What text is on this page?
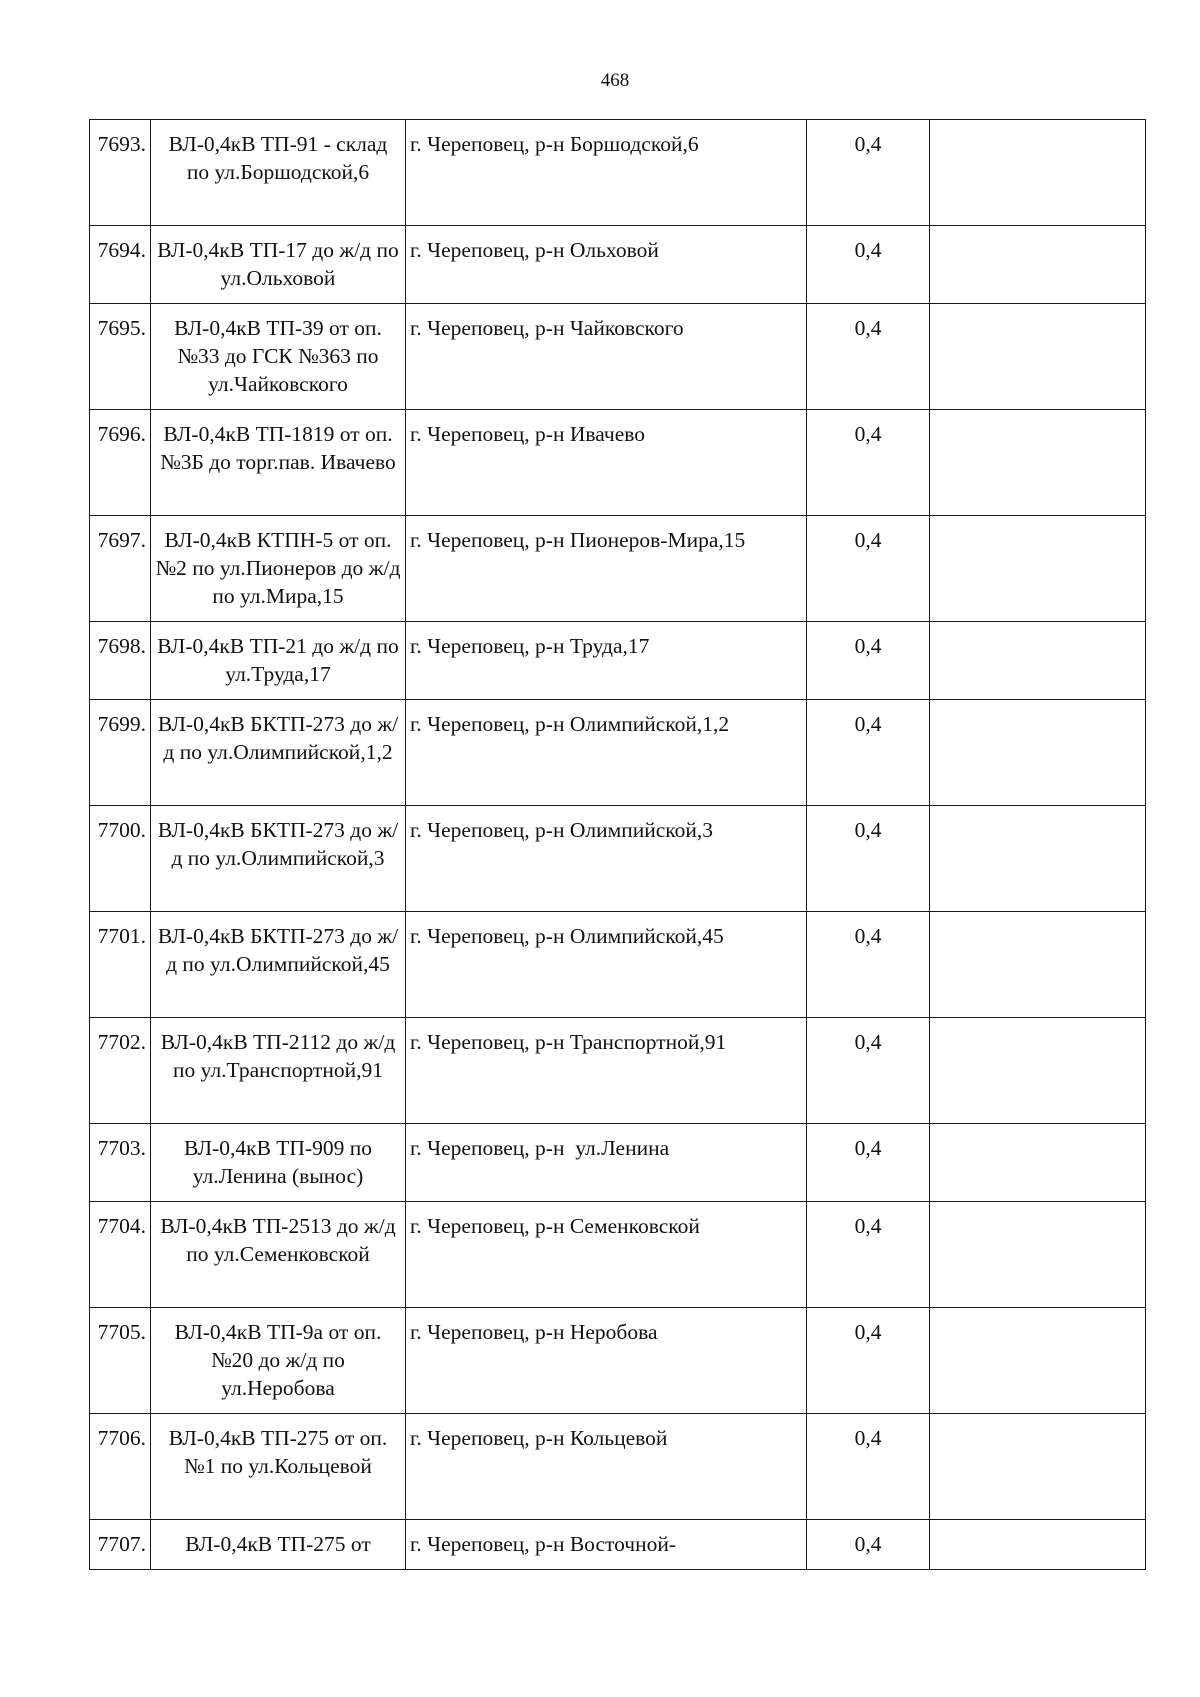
468
7693.	ВЛ-0,4кВ ТП-91 - склад по ул.Боршодской,6	г. Череповец, р-н Боршодской,6	0,4	
7694.	ВЛ-0,4кВ ТП-17 до ж/д по ул.Ольховой	г. Череповец, р-н Ольховой	0,4	
7695.	ВЛ-0,4кВ ТП-39 от оп.№33 до ГСК №363 по ул.Чайковского	г. Череповец, р-н Чайковского	0,4	
7696.	ВЛ-0,4кВ ТП-1819 от оп.№3Б до торг.пав. Ивачево	г. Череповец, р-н Ивачево	0,4	
7697.	ВЛ-0,4кВ КТПН-5 от оп.№2 по ул.Пионеров до ж/д по ул.Мира,15	г. Череповец, р-н Пионеров-Мира,15	0,4	
7698.	ВЛ-0,4кВ ТП-21 до ж/д по ул.Труда,17	г. Череповец, р-н Труда,17	0,4	
7699.	ВЛ-0,4кВ БКТП-273 до ж/д по ул.Олимпийской,1,2	г. Череповец, р-н Олимпийской,1,2	0,4	
7700.	ВЛ-0,4кВ БКТП-273 до ж/д по ул.Олимпийской,3	г. Череповец, р-н Олимпийской,3	0,4	
7701.	ВЛ-0,4кВ БКТП-273 до ж/д по ул.Олимпийской,45	г. Череповец, р-н Олимпийской,45	0,4	
7702.	ВЛ-0,4кВ ТП-2112 до ж/д по ул.Транспортной,91	г. Череповец, р-н Транспортной,91	0,4	
7703.	ВЛ-0,4кВ ТП-909 по ул.Ленина (вынос)	г. Череповец, р-н  ул.Ленина	0,4	
7704.	ВЛ-0,4кВ ТП-2513 до ж/д по ул.Семенковской	г. Череповец, р-н Семенковской	0,4	
7705.	ВЛ-0,4кВ ТП-9а от оп.№20 до ж/д по ул.Неробова	г. Череповец, р-н Неробова	0,4	
7706.	ВЛ-0,4кВ ТП-275 от оп.№1 по ул.Кольцевой	г. Череповец, р-н Кольцевой	0,4	
7707.	ВЛ-0,4кВ ТП-275 от	г. Череповец, р-н Восточной-	0,4	
